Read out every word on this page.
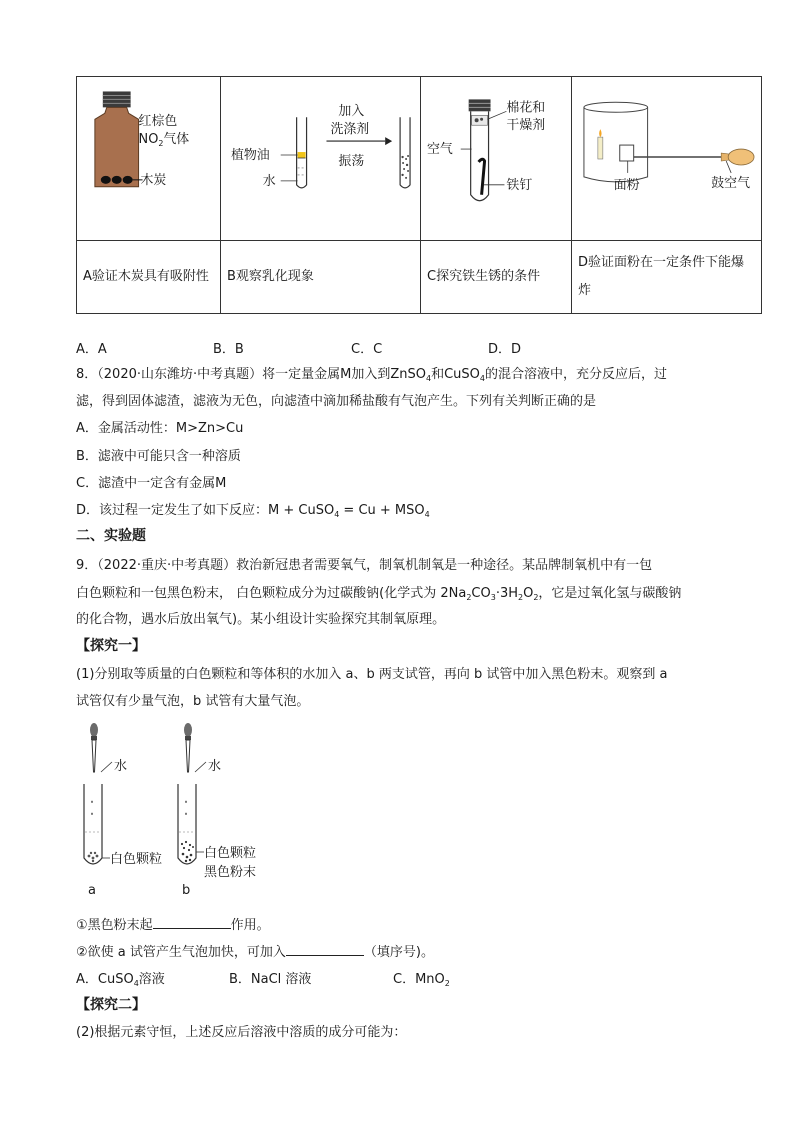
红棕色
$NO_2$气体
木炭	植物油
水
加入
洗涤剂
振荡	棉花和
干燥剂
空气
铁钉	面粉 鼓空气

A验证木炭具有吸附性	B观察乳化现象	C探究铁生锈的条件	D验证面粉在一定条件下能爆炸
A．A	B．B	C．C	D．D
8．（2020·山东潍坊·中考真题）将一定量金属M加入到ZnSO$_4$和CuSO$_4$的混合溶液中，充分反应后，过
滤，得到固体滤渣，滤液为无色，向滤渣中滴加稀盐酸有气泡产生。下列有关判断正确的是
A．金属活动性：M>Zn>Cu
B．滤液中可能只含一种溶质
C．滤渣中一定含有金属M
D．该过程一定发生了如下反应：M + CuSO$_4$ = $Cu + MSO_4$
二、实验题
9．（2022·重庆·中考真题）救治新冠患者需要氧气，制氧机制氧是一种途径。某品牌制氧机中有一包
白色颗粒和一包黑色粉末， 白色颗粒成分为过碳酸钠(化学式为 $2Na_2CO_3\cdot 3H_2O_2$，它是过氧化氢与碳酸钠
的化合物，遇水后放出氧气)。某小组设计实验探究其制氧原理。
【探究一】
(1)分别取等质量的白色颗粒和等体积的水加入 a、b 两支试管，再向 b 试管中加入黑色粉末。观察到 a
试管仅有少量气泡，b 试管有大量气泡。
水
白色颗粒
a
水
白色颗粒
黑色粉末
b
①黑色粉末起	作用。
②欲使 a 试管产生气泡加快，可加入	（填序号)。
A．CuSO$_4$溶液	B．NaCl 溶液	C．MnO$_2$
【探究二】
(2)根据元素守恒，上述反应后溶液中溶质的成分可能为：
